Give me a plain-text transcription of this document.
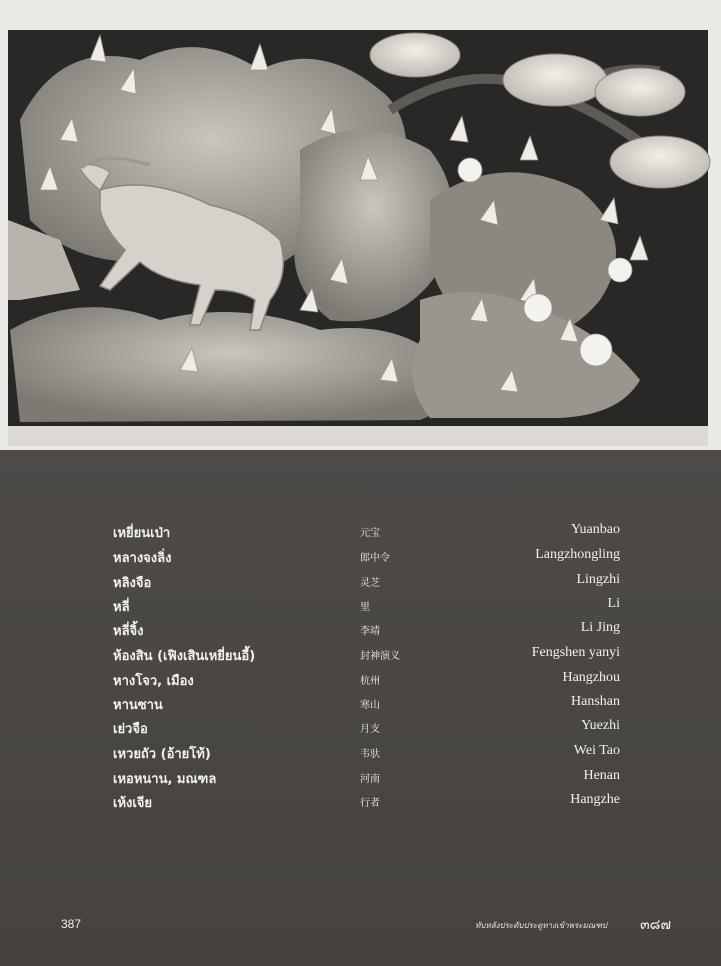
เหยี่ยนเป่า	元宝	Yuanbao
หลางจงลิ่ง	郎中令	Langzhongling
หลิงจือ	灵芝	Lingzhi
หลี่	里	Li
หลี่จิ้ง	李靖	Li Jing
ห้องสิน (เฟิงเสินเหยี่ยนอี้)	封神演义	Fengshen yanyi
หางโจว, เมือง	杭州	Hangzhou
หานซาน	寒山	Hanshan
เย่วจือ	月支	Yuezhi
เหวยถัว (อ้ายโท้)	韦驮	Wei Tao
เหอหนาน, มณฑล	河南	Henan
เห้งเจีย	行者	Hangzhe
387	ทับหลังประดับประตูทางเข้าพระมณฑป ๓๘๗
